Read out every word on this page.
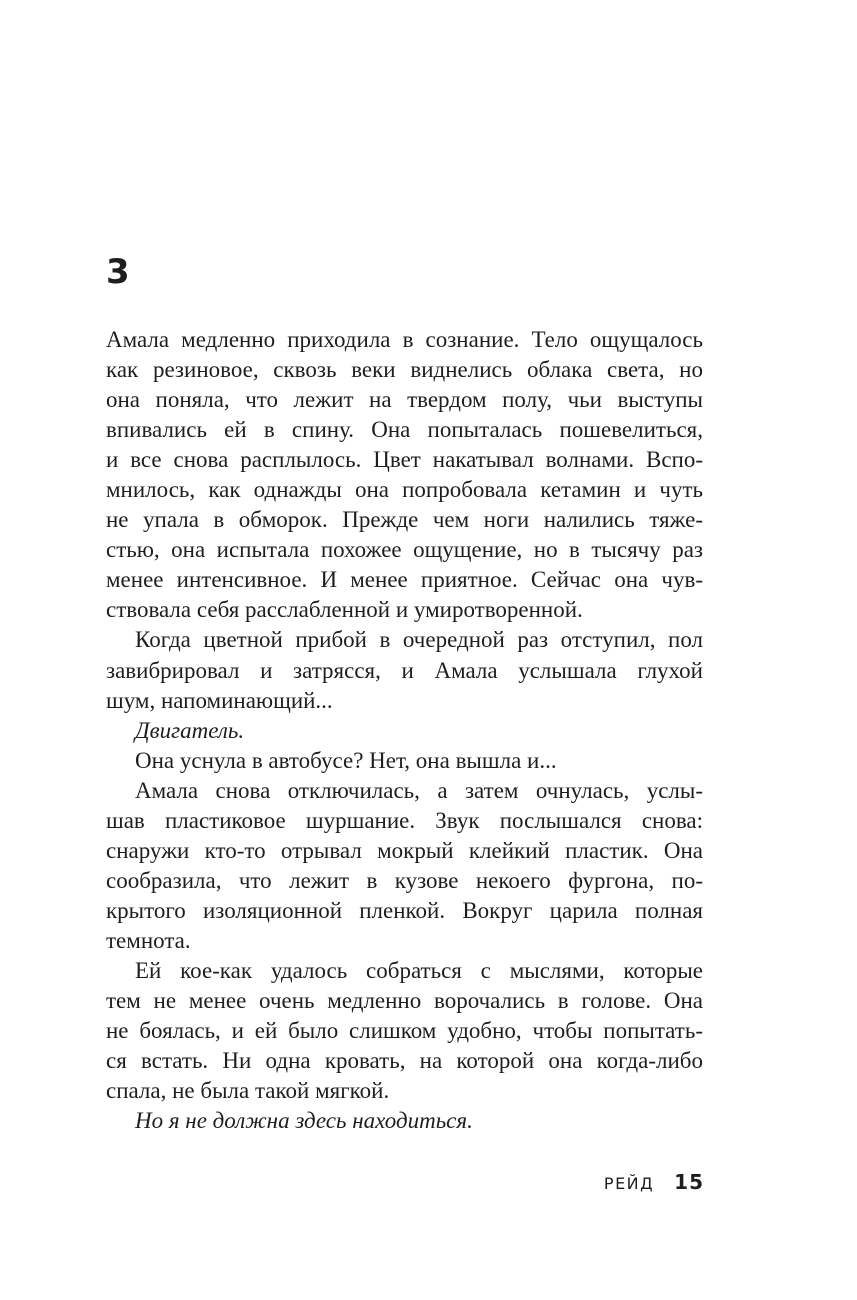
3
Амала медленно приходила в сознание. Тело ощущалось
как резиновое, сквозь веки виднелись облака света, но
она поняла, что лежит на твердом полу, чьи выступы
впивались ей в спину. Она попыталась пошевелиться,
и все снова расплылось. Цвет накатывал волнами. Вспо-
мнилось, как однажды она попробовала кетамин и чуть
не упала в обморок. Прежде чем ноги налились тяже-
стью, она испытала похожее ощущение, но в тысячу раз
менее интенсивное. И менее приятное. Сейчас она чув-
ствовала себя расслабленной и умиротворенной.
Когда цветной прибой в очередной раз отступил, пол
завибрировал и затрясся, и Амала услышала глухой
шум, напоминающий...
Двигатель.
Она уснула в автобусе? Нет, она вышла и...
Амала снова отключилась, а затем очнулась, услы-
шав пластиковое шуршание. Звук послышался снова:
снаружи кто-то отрывал мокрый клейкий пластик. Она
сообразила, что лежит в кузове некоего фургона, по-
крытого изоляционной пленкой. Вокруг царила полная
темнота.
Ей кое-как удалось собраться с мыслями, которые
тем не менее очень медленно ворочались в голове. Она
не боялась, и ей было слишком удобно, чтобы попытать-
ся встать. Ни одна кровать, на которой она когда-либо
спала, не была такой мягкой.
Но я не должна здесь находиться.
РЕЙД 15
